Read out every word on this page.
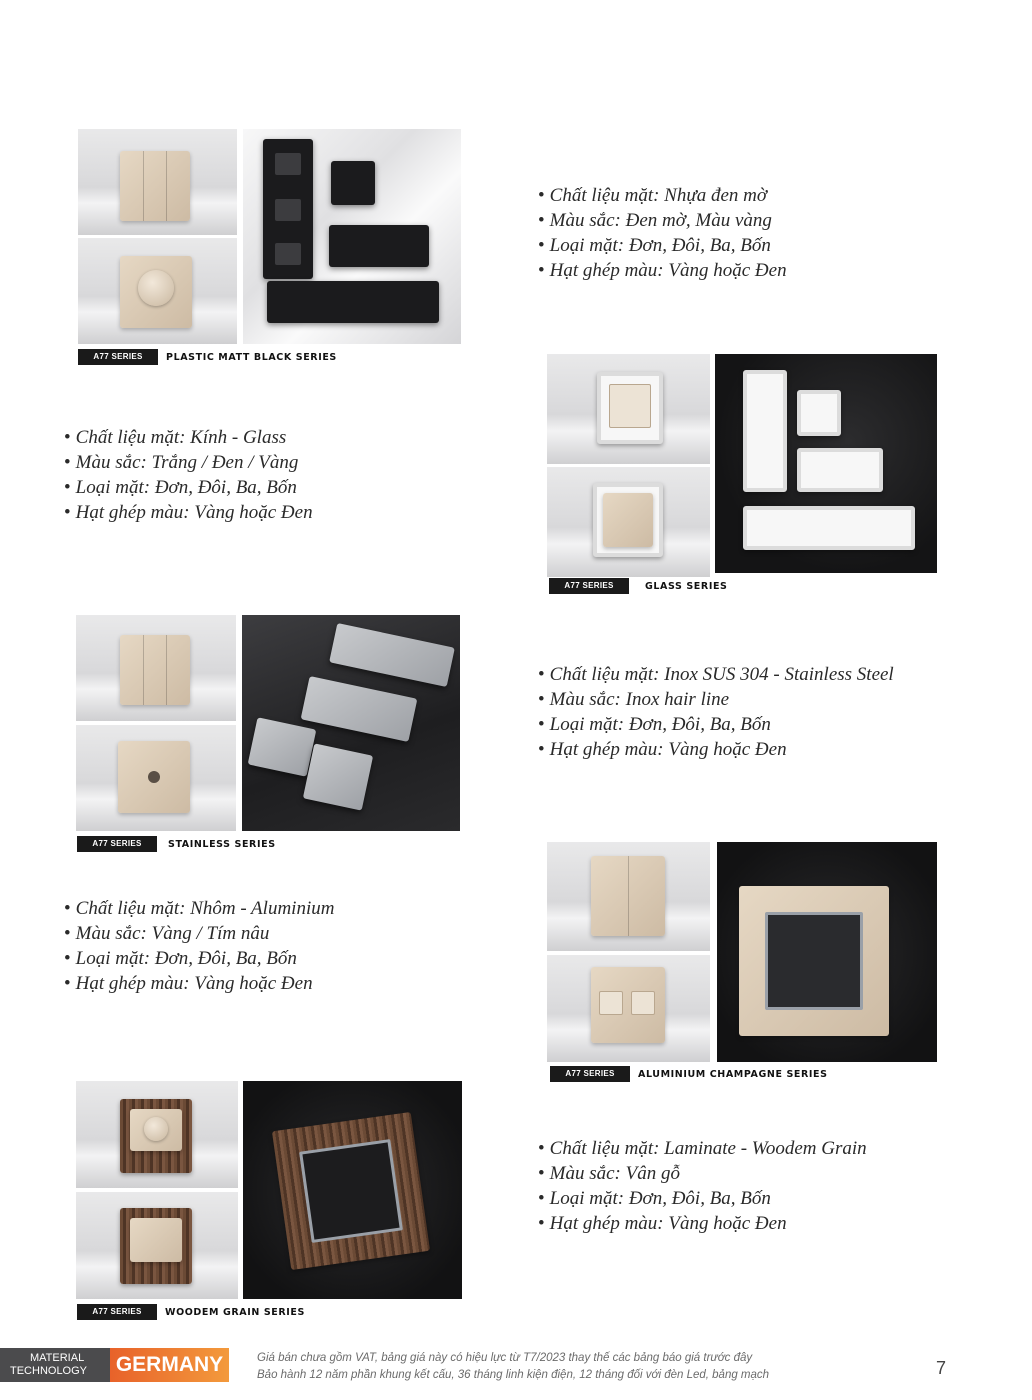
A77 SERIES	PLASTIC MATT BLACK SERIES
• Chất liệu mặt: Nhựa đen mờ
• Màu sắc: Đen mờ, Màu vàng
• Loại mặt: Đơn, Đôi, Ba, Bốn
• Hạt ghép màu: Vàng hoặc Đen
• Chất liệu mặt: Kính - Glass
• Màu sắc: Trắng / Đen / Vàng
• Loại mặt: Đơn, Đôi, Ba, Bốn
• Hạt ghép màu: Vàng hoặc Đen
A77 SERIES	GLASS SERIES
A77 SERIES	STAINLESS SERIES
• Chất liệu mặt: Inox SUS 304 - Stainless Steel
• Màu sắc: Inox hair line
• Loại mặt: Đơn, Đôi, Ba, Bốn
• Hạt ghép màu: Vàng hoặc Đen
• Chất liệu mặt: Nhôm - Aluminium
• Màu sắc: Vàng / Tím nâu
• Loại mặt: Đơn, Đôi, Ba, Bốn
• Hạt ghép màu: Vàng hoặc Đen
A77 SERIES	ALUMINIUM CHAMPAGNE SERIES
A77 SERIES	WOODEM GRAIN SERIES
• Chất liệu mặt: Laminate - Woodem Grain
• Màu sắc: Vân gỗ
• Loại mặt: Đơn, Đôi, Ba, Bốn
• Hạt ghép màu: Vàng hoặc Đen
MATERIAL
TECHNOLOGY	GERMANY	Giá bán chưa gồm VAT, bảng giá này có hiệu lực từ T7/2023 thay thế các bảng báo giá trước đây
Bảo hành 12 năm phần khung kết cấu, 36 tháng linh kiện điện, 12 tháng đối với đèn Led, bảng mạch	7
